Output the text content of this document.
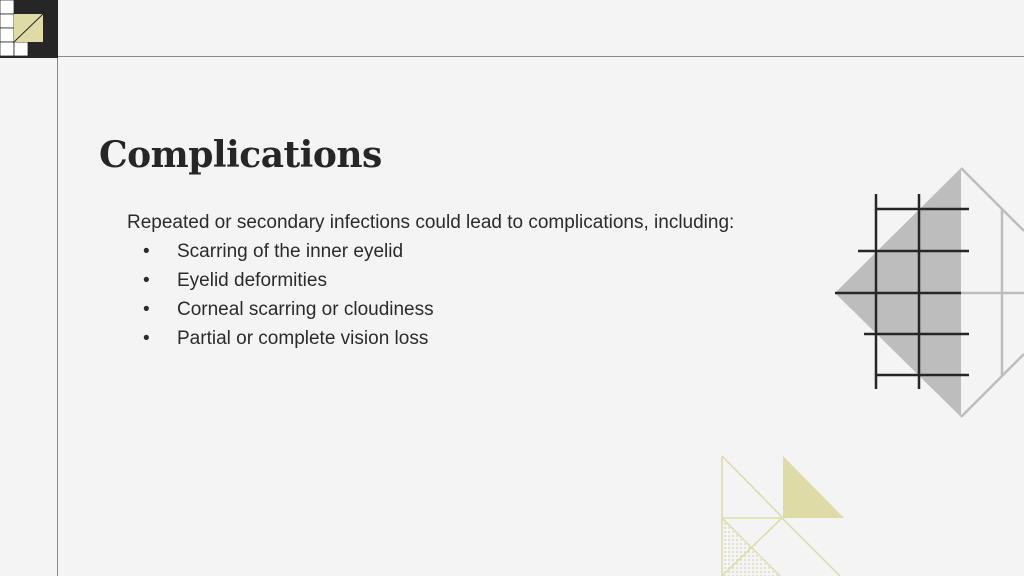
Complications

Repeated or secondary infections could lead to complications, including:

• Scarring of the inner eyelid
• Eyelid deformities
• Corneal scarring or cloudiness
• Partial or complete vision loss
